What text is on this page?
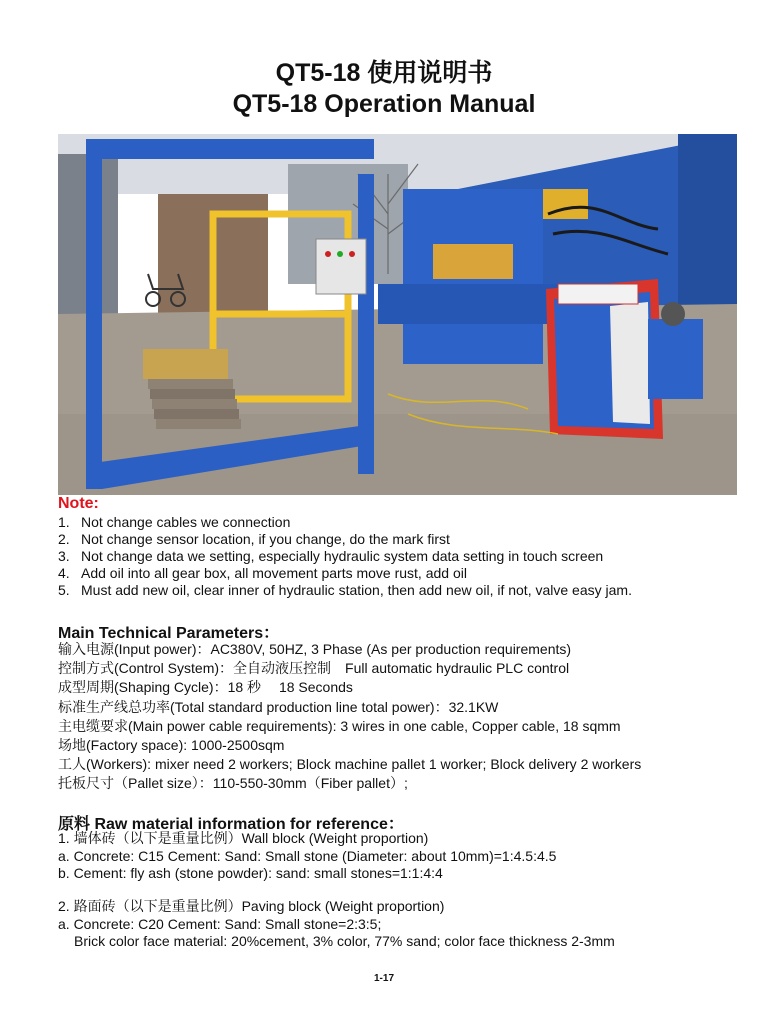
QT5-18 使用说明书
QT5-18 Operation Manual
Note:
1. Not change cables we connection
2. Not change sensor location, if you change, do the mark first
3. Not change data we setting, especially hydraulic system data setting in touch screen
4. Add oil into all gear box, all movement parts move rust, add oil
5. Must add new oil, clear inner of hydraulic station, then add new oil, if not, valve easy jam.
Main Technical Parameters：
输入电源(Input power)：AC380V, 50HZ, 3 Phase (As per production requirements)
控制方式(Control System)：全自动液压控制　Full automatic hydraulic PLC control
成型周期(Shaping Cycle)：18 秒　 18 Seconds
标准生产线总功率(Total standard production line total power)：32.1KW
主电缆要求(Main power cable requirements): 3 wires in one cable, Copper cable, 18 sqmm
场地(Factory space): 1000-2500sqm
工人(Workers): mixer need 2 workers; Block machine pallet 1 worker; Block delivery 2 workers
托板尺寸（Pallet size）：110-550-30mm（Fiber pallet）;
原料 Raw material information for reference：
1. 墙体砖（以下是重量比例）Wall block (Weight proportion)
a. Concrete: C15 Cement: Sand: Small stone (Diameter: about 10mm)=1:4.5:4.5
b. Cement: fly ash (stone powder): sand: small stones=1:1:4:4
2. 路面砖（以下是重量比例）Paving block (Weight proportion)
a. Concrete: C20 Cement: Sand: Small stone=2:3:5;
Brick color face material: 20%cement, 3% color, 77% sand; color face thickness 2-3mm
1-17
